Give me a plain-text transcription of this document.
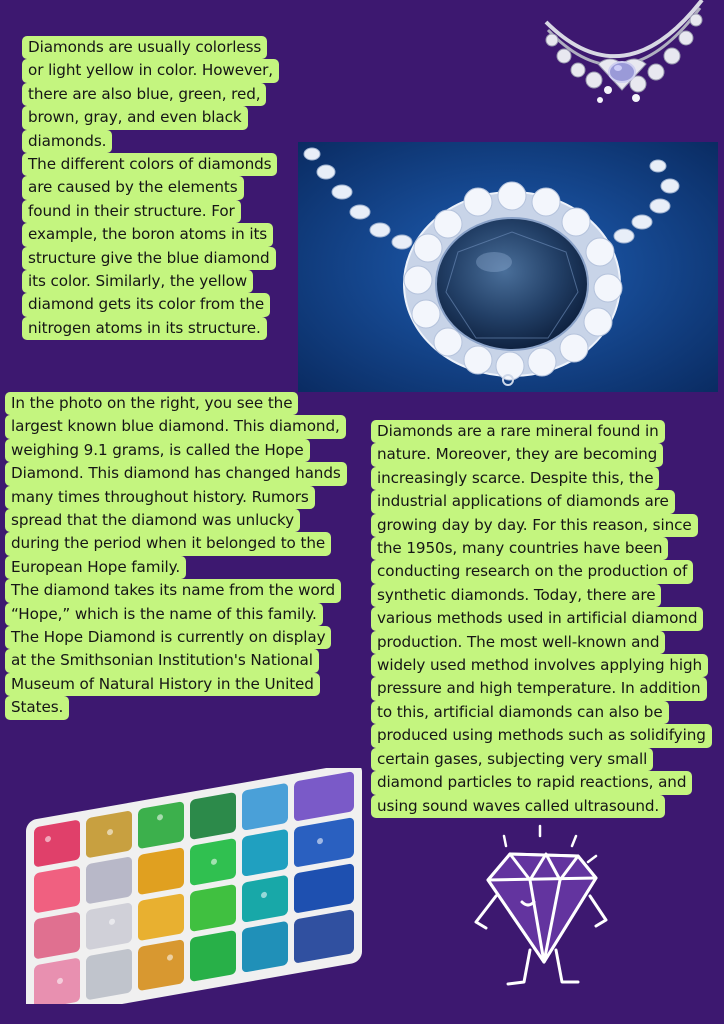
Diamonds are usually colorless
or light yellow in color. However,
there are also blue, green, red,
brown, gray, and even black
diamonds.
The different colors of diamonds
are caused by the elements
found in their structure. For
example, the boron atoms in its
structure give the blue diamond
its color. Similarly, the yellow
diamond gets its color from the
nitrogen atoms in its structure.
In the photo on the right, you see the
largest known blue diamond. This diamond,
weighing 9.1 grams, is called the Hope
Diamond. This diamond has changed hands
many times throughout history. Rumors
spread that the diamond was unlucky
during the period when it belonged to the
European Hope family.
The diamond takes its name from the word
“Hope,” which is the name of this family.
The Hope Diamond is currently on display
at the Smithsonian Institution's National
Museum of Natural History in the United
States.
Diamonds are a rare mineral found in
nature. Moreover, they are becoming
increasingly scarce. Despite this, the
industrial applications of diamonds are
growing day by day. For this reason, since
the 1950s, many countries have been
conducting research on the production of
synthetic diamonds. Today, there are
various methods used in artificial diamond
production. The most well-known and
widely used method involves applying high
pressure and high temperature. In addition
to this, artificial diamonds can also be
produced using methods such as solidifying
certain gases, subjecting very small
diamond particles to rapid reactions, and
using sound waves called ultrasound.
